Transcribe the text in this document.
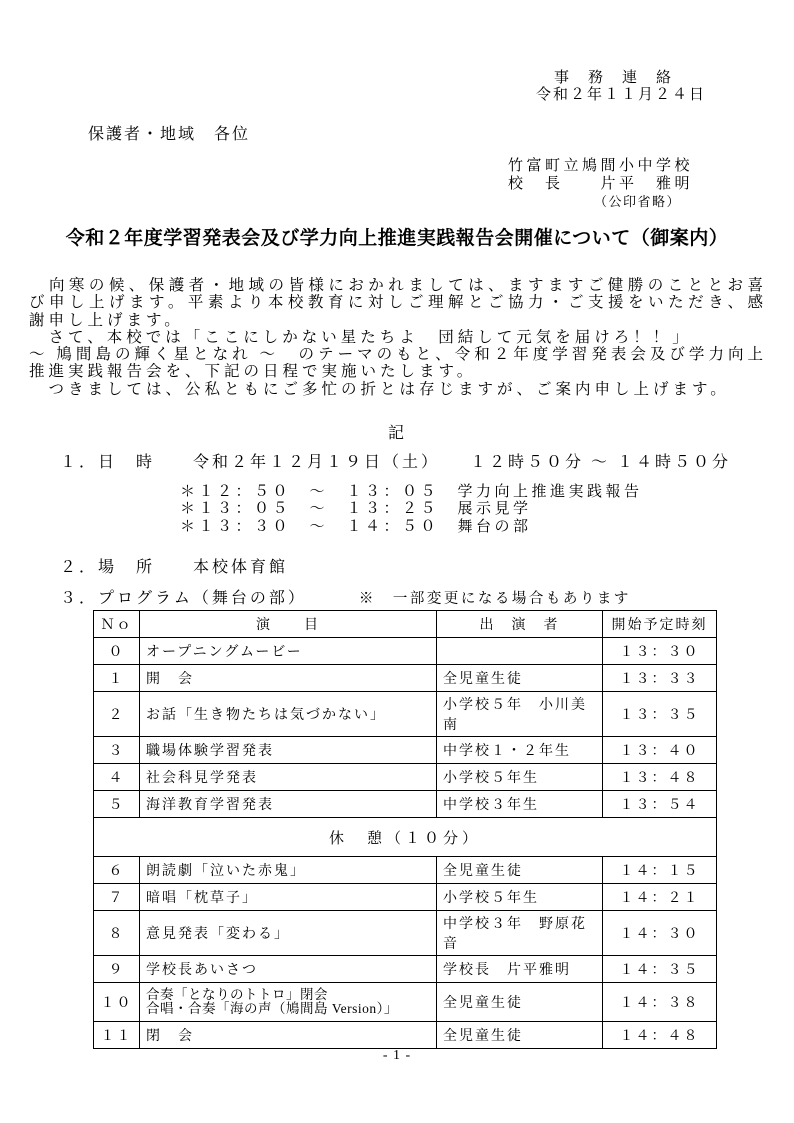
事　務　連　絡
令和２年１１月２４日
保護者・地域　各位
竹富町立鳩間小中学校
校　長　　片平　雅明
（公印省略）
令和２年度学習発表会及び学力向上推進実践報告会開催について（御案内）
　向寒の候、保護者・地域の皆様におかれましては、ますますご健勝のこととお喜び申し上げます。平素より本校教育に対しご理解とご協力・ご支援をいただき、感謝申し上げます。
　さて、本校では「ここにしかない星たちよ　団結して元気を届けろ！！」
～ 鳩間島の輝く星となれ ～　のテーマのもと、令和２年度学習発表会及び学力向上推進実践報告会を、下記の日程で実施いたします。
　つきましては、公私ともにご多忙の折とは存じますが、ご案内申し上げます。
記
１．日　時　　令和２年１２月１９日（土）　　１２時５０分 ～ １４時５０分
＊１２：５０　～　１３：０５　学力向上推進実践報告
＊１３：０５　～　１３：２５　展示見学
＊１３：３０　～　１４：５０　舞台の部
２．場　所　　本校体育館
３．プログラム（舞台の部） 　　	※　一部変更になる場合もあります
Ｎｏ	演　　目	出　演　者	開始予定時刻
０	オープニングムービー		１３：３０
１	開　会	全児童生徒	１３：３３
２	お話「生き物たちは気づかない」	小学校５年　小川美南	１３：３５
３	職場体験学習発表	中学校１・２年生	１３：４０
４	社会科見学発表	小学校５年生	１３：４８
５	海洋教育学習発表	中学校３年生	１３：５４
休　憩（１０分）			
６	朗読劇「泣いた赤鬼」	全児童生徒	１４：１５
７	暗唱「枕草子」	小学校５年生	１４：２１
８	意見発表「変わる」	中学校３年　野原花音	１４：３０
９	学校長あいさつ	学校長　片平雅明	１４：３５
１０	合奏「となりのトトロ」閉会
合唱・合奏「海の声（鳩間島 Version）」	全児童生徒	１４：３８
１１	閉　会	全児童生徒	１４：４８
- 1 -
